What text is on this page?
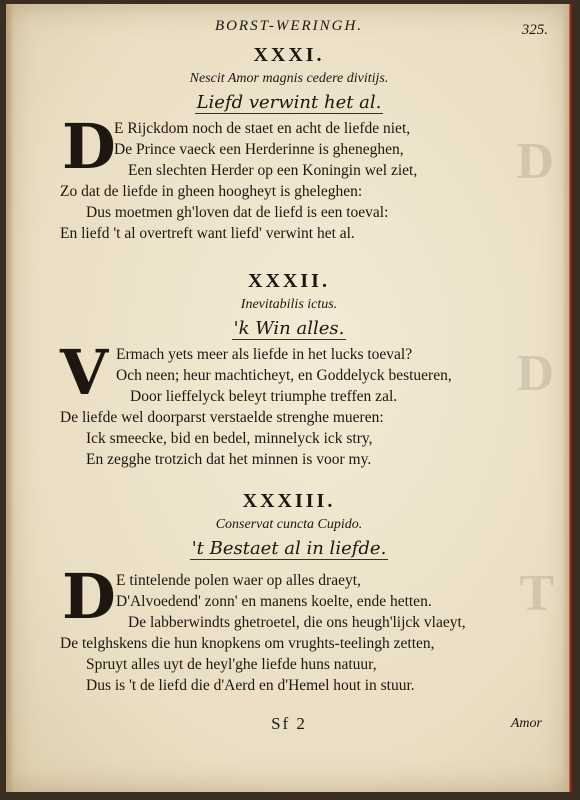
D
D
T
BORST-WERINGH.	325.
XXXI.
Nescit Amor magnis cedere divitijs.
Liefd verwint het al.
D
E Rijckdom noch de staet en acht de liefde niet,
De Prince vaeck een Herderinne is gheneghen,
Een slechten Herder op een Koningin wel ziet,
Zo dat de liefde in gheen hoogheyt is gheleghen:
Dus moetmen gh'loven dat de liefd is een toeval:
En liefd 't al overtreft want liefd' verwint het al.
XXXII.
Inevitabilis ictus.
'k Win alles.
V Ermach yets meer als liefde in het lucks toeval?
Och neen; heur machticheyt, en Goddelyck bestueren,
Door lieffelyck beleyt triumphe treffen zal.
De liefde wel doorparst verstaelde strenghe mueren:
Ick smeecke, bid en bedel, minnelyck ick stry,
En zegghe trotzich dat het minnen is voor my.
XXXIII.
Conservat cuncta Cupido.
't Bestaet al in liefde.
D E tintelende polen waer op alles draeyt,
D'Alvoedend' zonn' en manens koelte, ende hetten.
De labberwindts ghetroetel, die ons heugh'lijck vlaeyt,
De telghskens die hun knopkens om vrughts-teelingh zetten,
Spruyt alles uyt de heyl'ghe liefde huns natuur,
Dus is 't de liefd die d'Aerd en d'Hemel hout in stuur.
Sf 2	Amor
